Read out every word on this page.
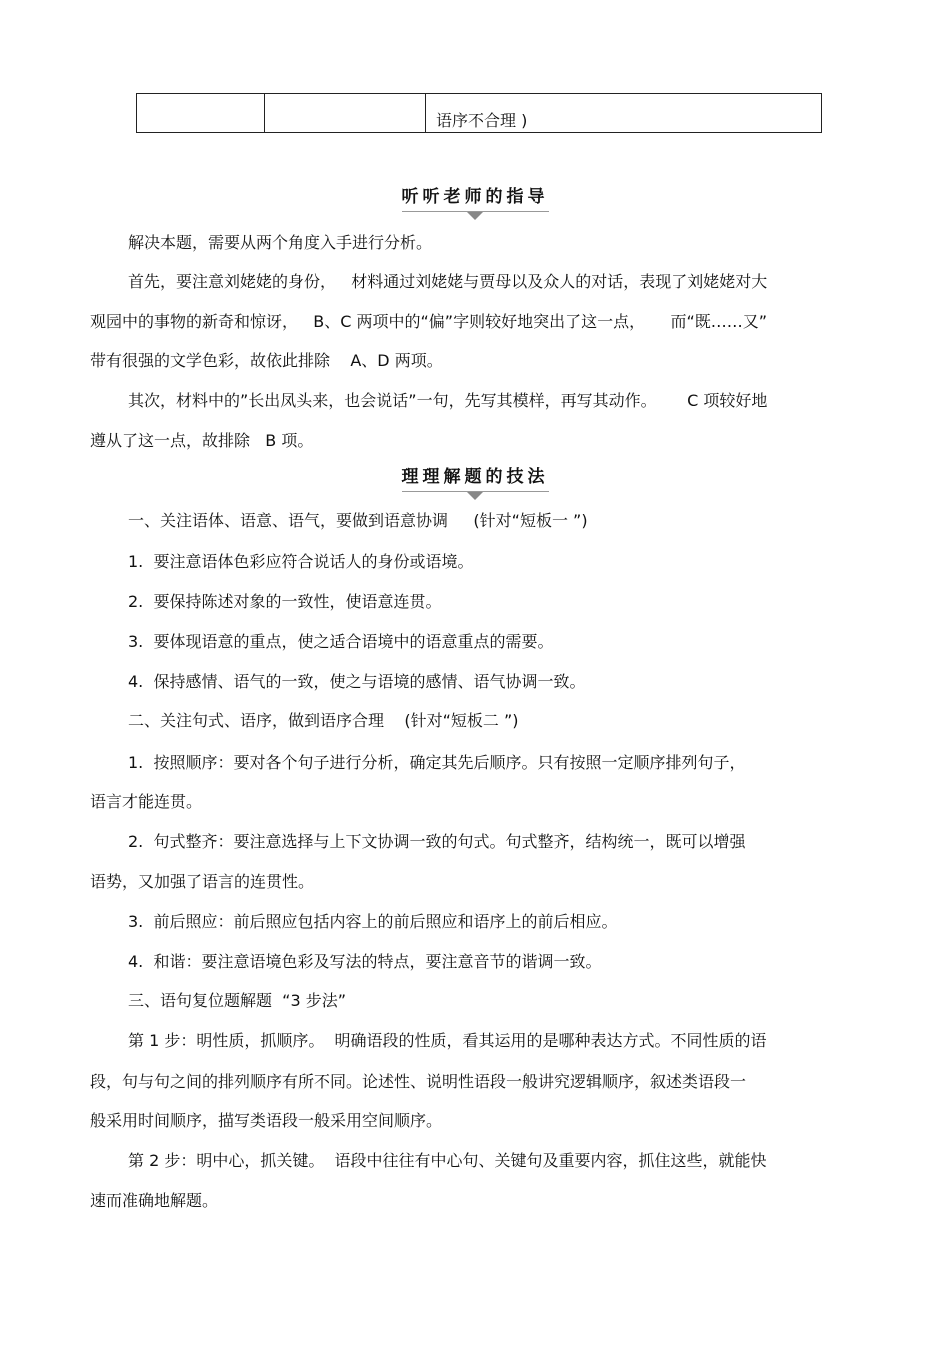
语序不合理 )
听听老师的指导
解决本题，需要从两个角度入手进行分析。
首先，要注意刘姥姥的身份，   材料通过刘姥姥与贾母以及众人的对话，表现了刘姥姥对大
观园中的事物的新奇和惊讶，   B、C 两项中的“偏”字则较好地突出了这一点，     而“既……又”
带有很强的文学色彩，故依此排除    A、D 两项。
其次，材料中的”长出凤头来，也会说话”一句，先写其模样，再写其动作。      C 项较好地
遵从了这一点，故排除   B 项。
理理解题的技法
一、关注语体、语意、语气，要做到语意协调     (针对“短板一 ”)
1.  要注意语体色彩应符合说话人的身份或语境。
2.  要保持陈述对象的一致性，使语意连贯。
3.  要体现语意的重点，使之适合语境中的语意重点的需要。
4.  保持感情、语气的一致，使之与语境的感情、语气协调一致。
二、关注句式、语序，做到语序合理    (针对“短板二 ”)
1.  按照顺序：要对各个句子进行分析，确定其先后顺序。只有按照一定顺序排列句子，
语言才能连贯。
2.  句式整齐：要注意选择与上下文协调一致的句式。句式整齐，结构统一，既可以增强
语势，又加强了语言的连贯性。
3.  前后照应：前后照应包括内容上的前后照应和语序上的前后相应。
4.  和谐：要注意语境色彩及写法的特点，要注意音节的谐调一致。
三、语句复位题解题  “3 步法”
第 1 步：明性质，抓顺序。  明确语段的性质，看其运用的是哪种表达方式。不同性质的语
段，句与句之间的排列顺序有所不同。论述性、说明性语段一般讲究逻辑顺序，叙述类语段一
般采用时间顺序，描写类语段一般采用空间顺序。
第 2 步：明中心，抓关键。  语段中往往有中心句、关键句及重要内容，抓住这些，就能快
速而准确地解题。
